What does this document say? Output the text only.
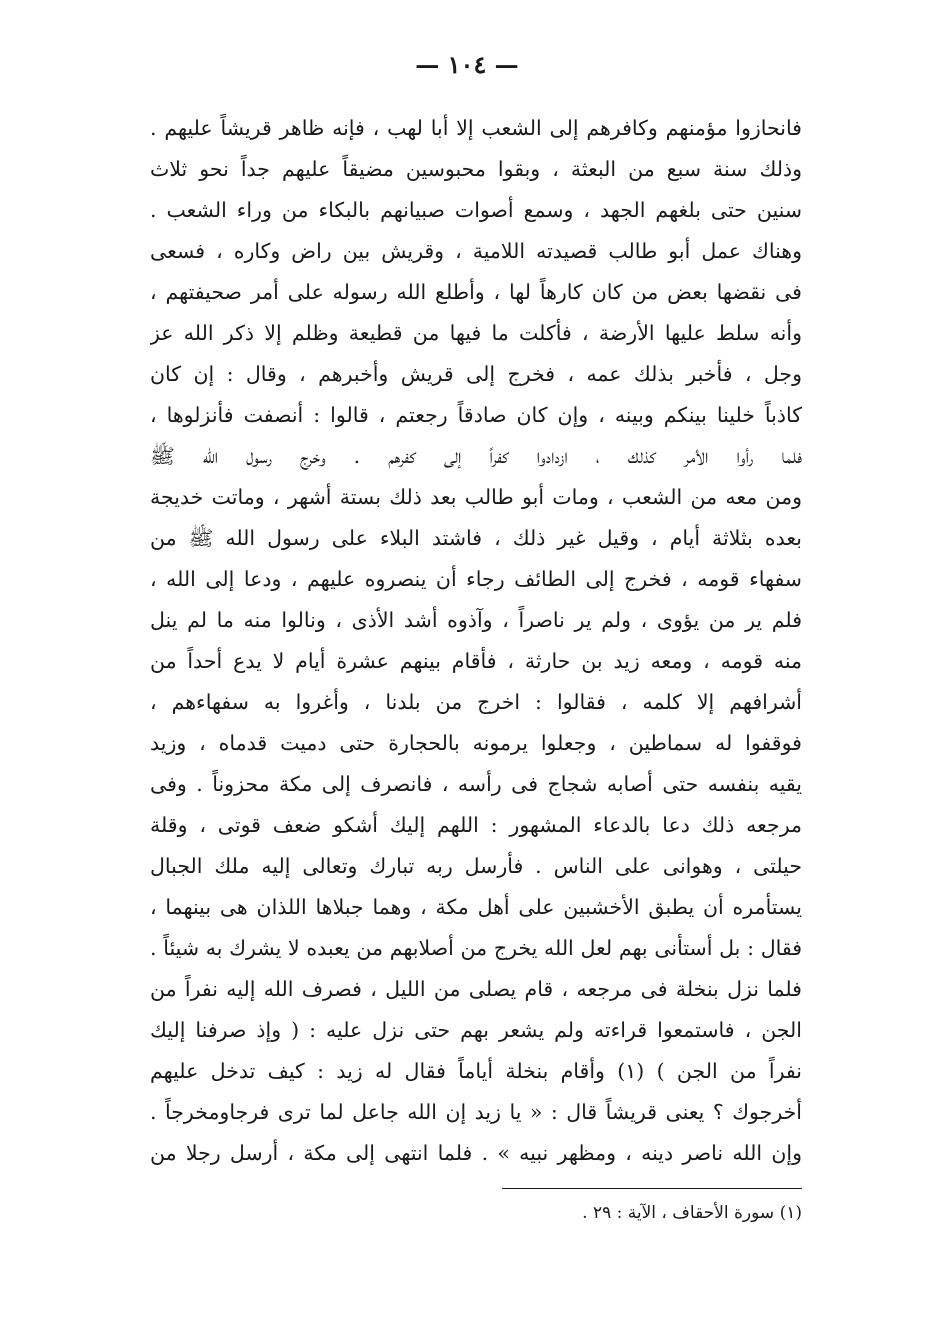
— ١٠٤ —
فانحازوا مؤمنهم وكافرهم إلى الشعب إلا أبا لهب ، فإنه ظاهر قريشاً عليهم .
وذلك سنة سبع من البعثة ، وبقوا محبوسين مضيقاً عليهم جداً نحو ثلاث
سنين حتى بلغهم الجهد ، وسمع أصوات صبيانهم بالبكاء من وراء الشعب .
وهناك عمل أبو طالب قصيدته اللامية ، وقريش بين راض وكاره ، فسعى
فى نقضها بعض من كان كارهاً لها ، وأطلع الله رسوله على أمر صحيفتهم ،
وأنه سلط عليها الأرضة ، فأكلت ما فيها من قطيعة وظلم إلا ذكر الله عز
وجل ، فأخبر بذلك عمه ، فخرج إلى قريش وأخبرهم ، وقال : إن كان
كاذباً خلينا بينكم وبينه ، وإن كان صادقاً رجعتم ، قالوا : أنصفت فأنزلوها ،
فلما رأوا الأمر كذلك ، ازدادوا كفراً إلى كفرهم . وخرج رسول الله ﷺ
ومن معه من الشعب ، ومات أبو طالب بعد ذلك بستة أشهر ، وماتت خديجة
بعده بثلاثة أيام ، وقيل غير ذلك ، فاشتد البلاء على رسول الله ﷺ من
سفهاء قومه ، فخرج إلى الطائف رجاء أن ينصروه عليهم ، ودعا إلى الله ،
فلم ير من يؤوى ، ولم ير ناصراً ، وآذوه أشد الأذى ، ونالوا منه ما لم ينل
منه قومه ، ومعه زيد بن حارثة ، فأقام بينهم عشرة أيام لا يدع أحداً من
أشرافهم إلا كلمه ، فقالوا : اخرج من بلدنا ، وأغروا به سفهاءهم ،
فوقفوا له سماطين ، وجعلوا يرمونه بالحجارة حتى دميت قدماه ، وزيد
يقيه بنفسه حتى أصابه شجاج فى رأسه ، فانصرف إلى مكة محزوناً . وفى
مرجعه ذلك دعا بالدعاء المشهور : اللهم إليك أشكو ضعف قوتى ، وقلة
حيلتى ، وهوانى على الناس . فأرسل ربه تبارك وتعالى إليه ملك الجبال
يستأمره أن يطبق الأخشبين على أهل مكة ، وهما جبلاها اللذان هى بينهما ،
فقال : بل أستأنى بهم لعل الله يخرج من أصلابهم من يعبده لا يشرك به شيئاً .
فلما نزل بنخلة فى مرجعه ، قام يصلى من الليل ، فصرف الله إليه نفراً من
الجن ، فاستمعوا قراءته ولم يشعر بهم حتى نزل عليه : ( وإذ صرفنا إليك
نفراً من الجن ) (١) وأقام بنخلة أياماً فقال له زيد : كيف تدخل عليهم
أخرجوك ؟ يعنى قريشاً قال : « يا زيد إن الله جاعل لما ترى فرجاومخرجاً .
وإن الله ناصر دينه ، ومظهر نبيه » . فلما انتهى إلى مكة ، أرسل رجلا من
(١) سورة الأحقاف ، الآية : ٢٩ .
